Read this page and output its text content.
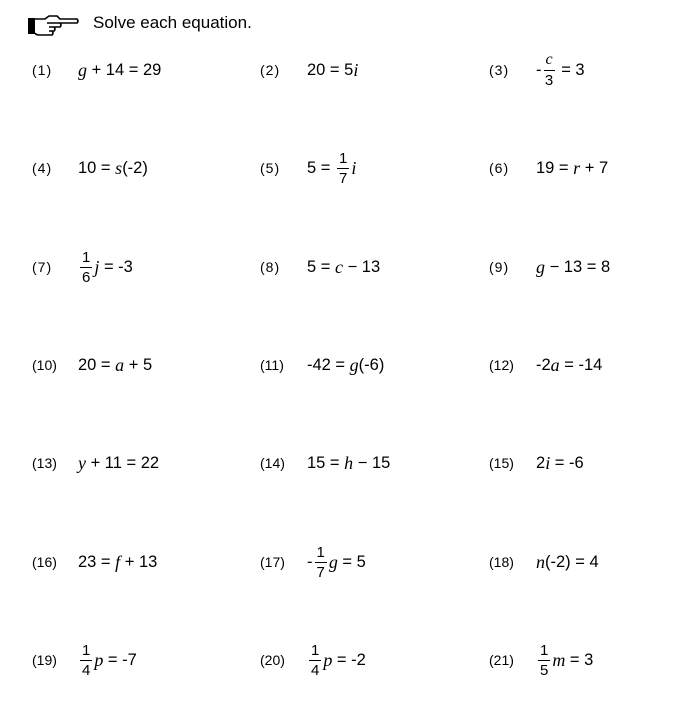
Solve each equation.
(1)	g + 14 = 29	(2)	20 = 5 i	(3)	- $\frac{c}{3} = 3$
(4)	10 = s (-2)	(5)	$5 = \frac{1}{7}$ i	(6)	19 = r + 7
(7)	$\frac{1}{6}$ j = -3	(8)	5 = c − 13	(9)	g − 13 = 8
(10)	20 = a + 5	(11)	-42 = g (-6)	(12)	-2 a = -14
(13)	y + 11 = 22	(14)	15 = h − 15	(15)	2 i = -6
(16)	23 = f + 13	(17)	- $\frac{1}{7}$ g = 5	(18)	n (-2) = 4
(19)	$\frac{1}{4}$ p = -7	(20)	$\frac{1}{4}$ p = -2	(21)	$\frac{1}{5}$ m = 3
